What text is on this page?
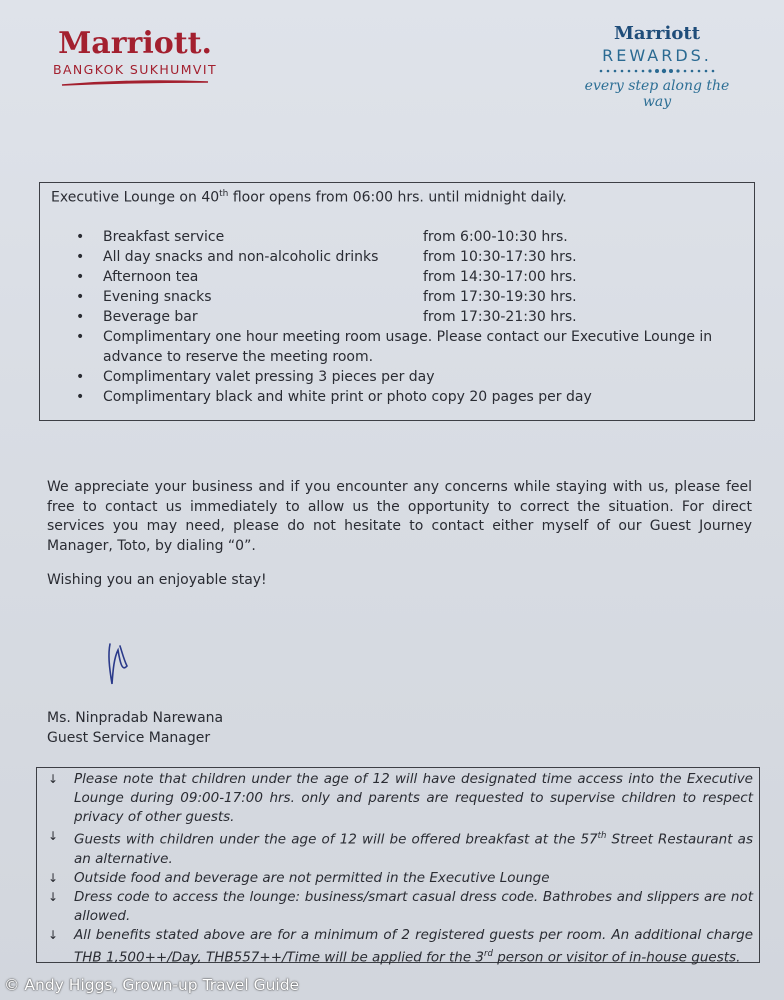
Marriott.
BANGKOK SUKHUMVIT
Marriott
REWARDS.
every step along the way
Executive Lounge on 40th floor opens from 06:00 hrs. until midnight daily.
• Breakfast service	from 6:00-10:30 hrs.
• All day snacks and non-alcoholic drinks	from 10:30-17:30 hrs.
• Afternoon tea	from 14:30-17:00 hrs.
• Evening snacks	from 17:30-19:30 hrs.
• Beverage bar	from 17:30-21:30 hrs.
• Complimentary one hour meeting room usage. Please contact our Executive Lounge in advance to reserve the meeting room.
• Complimentary valet pressing 3 pieces per day
• Complimentary black and white print or photo copy 20 pages per day
We appreciate your business and if you encounter any concerns while staying with us, please feel free to contact us immediately to allow us the opportunity to correct the situation. For direct services you may need, please do not hesitate to contact either myself of our Guest Journey Manager, Toto, by dialing “0”.
Wishing you an enjoyable stay!
Ms. Ninpradab Narewana
Guest Service Manager
↓ Please note that children under the age of 12 will have designated time access into the Executive Lounge during 09:00-17:00 hrs. only and parents are requested to supervise children to respect privacy of other guests.
↓ Guests with children under the age of 12 will be offered breakfast at the 57th Street Restaurant as an alternative.
↓ Outside food and beverage are not permitted in the Executive Lounge
↓ Dress code to access the lounge: business/smart casual dress code. Bathrobes and slippers are not allowed.
↓ All benefits stated above are for a minimum of 2 registered guests per room. An additional charge THB 1,500++/Day, THB557++/Time will be applied for the 3rd person or visitor of in-house guests.
© Andy Higgs, Grown-up Travel Guide
